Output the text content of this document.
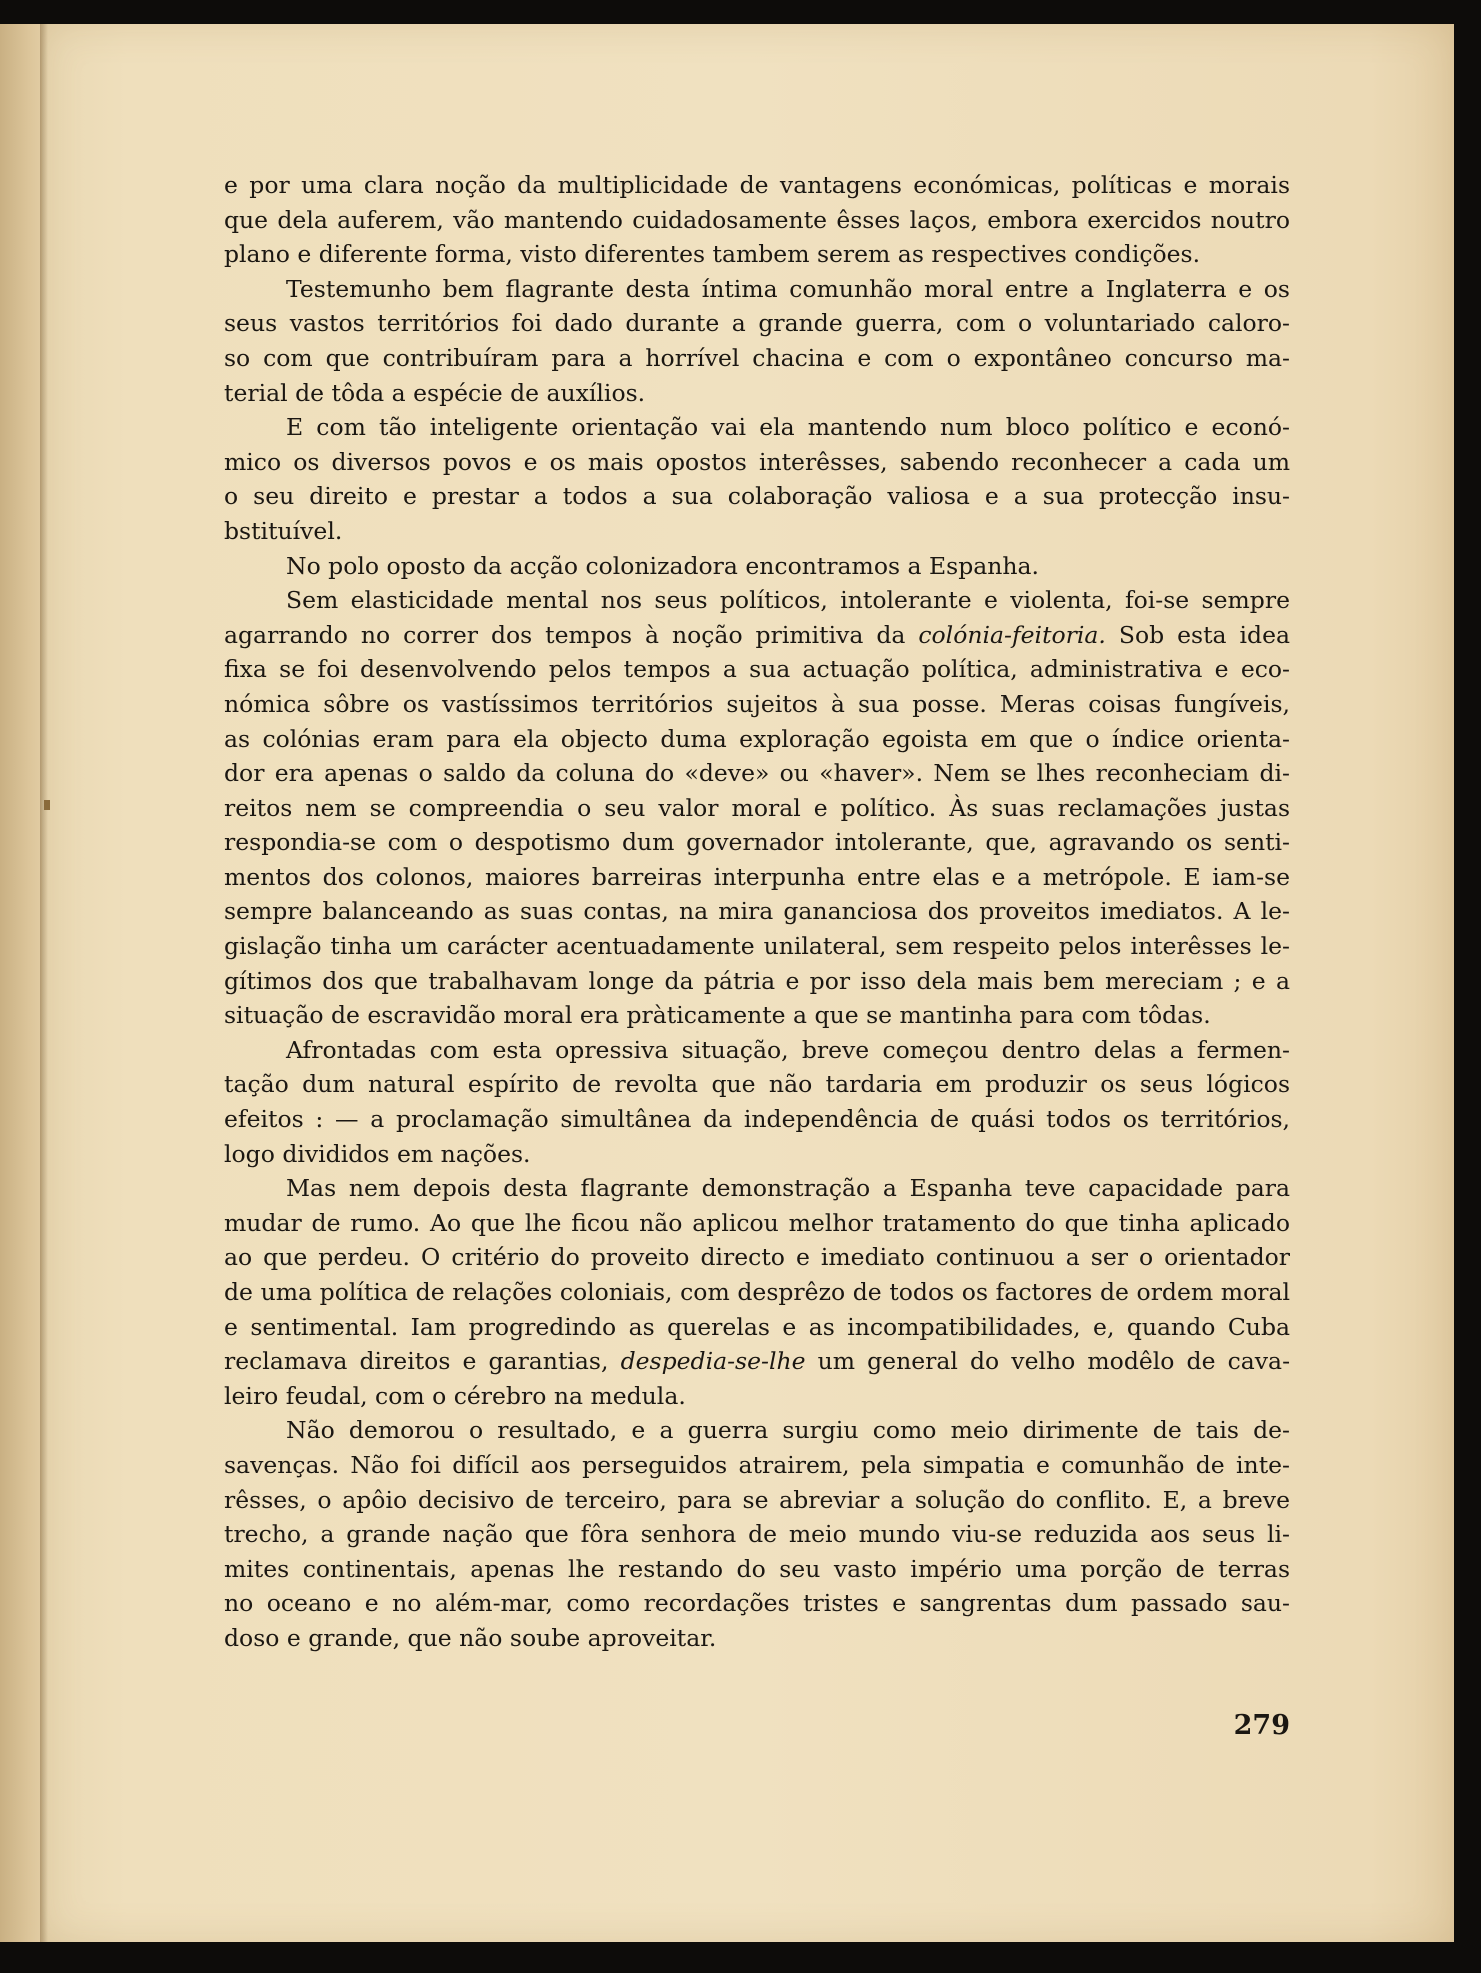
e por uma clara noção da multiplicidade de vantagens económicas, políticas e morais
que dela auferem, vão mantendo cuidadosamente êsses laços, embora exercidos noutro
plano e diferente forma, visto diferentes tambem serem as respectives condições.
Testemunho bem flagrante desta íntima comunhão moral entre a Inglaterra e os
seus vastos territórios foi dado durante a grande guerra, com o voluntariado caloro-
so com que contribuíram para a horrível chacina e com o expontâneo concurso ma-
terial de tôda a espécie de auxílios.
E com tão inteligente orientação vai ela mantendo num bloco político e econó-
mico os diversos povos e os mais opostos interêsses, sabendo reconhecer a cada um
o seu direito e prestar a todos a sua colaboração valiosa e a sua protecção insu-
bstituível.
No polo oposto da acção colonizadora encontramos a Espanha.
Sem elasticidade mental nos seus políticos, intolerante e violenta, foi-se sempre
agarrando no correr dos tempos à noção primitiva da colónia-feitoria. Sob esta idea
fixa se foi desenvolvendo pelos tempos a sua actuação política, administrativa e eco-
nómica sôbre os vastíssimos territórios sujeitos à sua posse. Meras coisas fungíveis,
as colónias eram para ela objecto duma exploração egoista em que o índice orienta-
dor era apenas o saldo da coluna do «deve» ou «haver». Nem se lhes reconheciam di-
reitos nem se compreendia o seu valor moral e político. Às suas reclamações justas
respondia-se com o despotismo dum governador intolerante, que, agravando os senti-
mentos dos colonos, maiores barreiras interpunha entre elas e a metrópole. E iam-se
sempre balanceando as suas contas, na mira gananciosa dos proveitos imediatos. A le-
gislação tinha um carácter acentuadamente unilateral, sem respeito pelos interêsses le-
gítimos dos que trabalhavam longe da pátria e por isso dela mais bem mereciam ; e a
situação de escravidão moral era pràticamente a que se mantinha para com tôdas.
Afrontadas com esta opressiva situação, breve começou dentro delas a fermen-
tação dum natural espírito de revolta que não tardaria em produzir os seus lógicos
efeitos : — a proclamação simultânea da independência de quási todos os territórios,
logo divididos em nações.
Mas nem depois desta flagrante demonstração a Espanha teve capacidade para
mudar de rumo. Ao que lhe ficou não aplicou melhor tratamento do que tinha aplicado
ao que perdeu. O critério do proveito directo e imediato continuou a ser o orientador
de uma política de relações coloniais, com desprêzo de todos os factores de ordem moral
e sentimental. Iam progredindo as querelas e as incompatibilidades, e, quando Cuba
reclamava direitos e garantias, despedia-se-lhe um general do velho modêlo de cava-
leiro feudal, com o cérebro na medula.
Não demorou o resultado, e a guerra surgiu como meio dirimente de tais de-
savenças. Não foi difícil aos perseguidos atrairem, pela simpatia e comunhão de inte-
rêsses, o apôio decisivo de terceiro, para se abreviar a solução do conflito. E, a breve
trecho, a grande nação que fôra senhora de meio mundo viu-se reduzida aos seus li-
mites continentais, apenas lhe restando do seu vasto império uma porção de terras
no oceano e no além-mar, como recordações tristes e sangrentas dum passado sau-
doso e grande, que não soube aproveitar.
279
